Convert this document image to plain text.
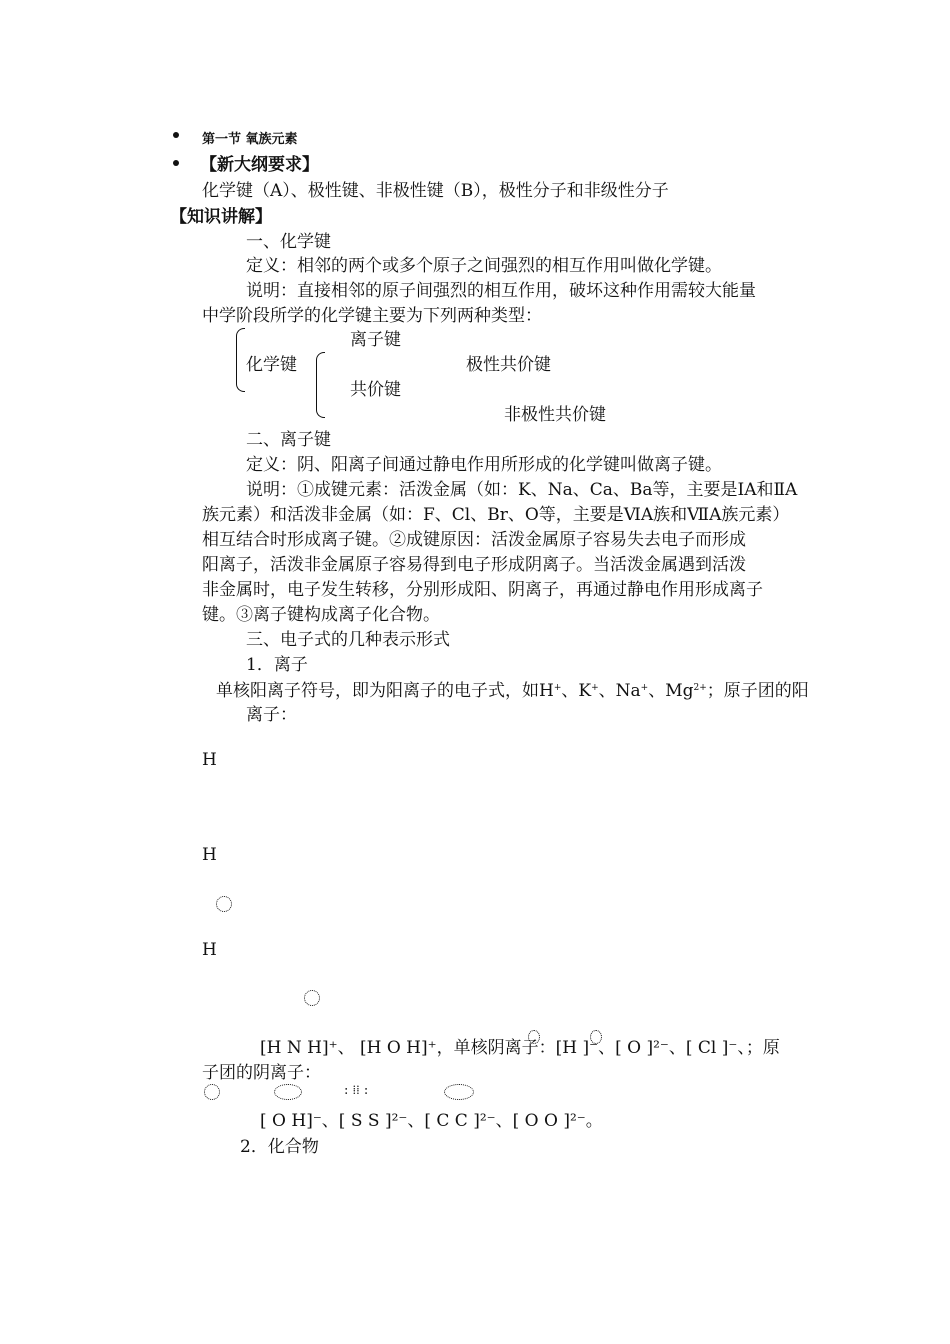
第一节 氧族元素
【新大纲要求】
化学键（A）、极性键、非极性键（B），极性分子和非级性分子
【知识讲解】
一、化学键
定义：相邻的两个或多个原子之间强烈的相互作用叫做化学键。
说明：直接相邻的原子间强烈的相互作用，破坏这种作用需较大能量
中学阶段所学的化学键主要为下列两种类型：
离子键
化学键	极性共价键
共价键
非极性共价键
二、离子键
定义：阴、阳离子间通过静电作用所形成的化学键叫做离子键。
说明：①成键元素：活泼金属（如：K、Na、Ca、Ba等，主要是ⅠA和ⅡA
族元素）和活泼非金属（如：F、Cl、Br、O等，主要是ⅥA族和ⅦA族元素）
相互结合时形成离子键。②成键原因：活泼金属原子容易失去电子而形成
阳离子，活泼非金属原子容易得到电子形成阴离子。当活泼金属遇到活泼
非金属时，电子发生转移，分别形成阳、阴离子，再通过静电作用形成离子
键。③离子键构成离子化合物。
三、电子式的几种表示形式
1．离子
单核阳离子符号，即为阳离子的电子式，如H+、K+、Na+、$Mg^{2+}$；原子团的阳
离子：
H
H
H
[H N H]⁺、 [H O H]⁺，单核阴离子：[H ]⁻、[ O ]²⁻、[ Cl ]⁻、；原
子团的阴离子：
: ⁞⁞ :
[ O H]⁻、[ S S ]²⁻、[ C C ]²⁻、[ O O ]²⁻。
2．化合物
